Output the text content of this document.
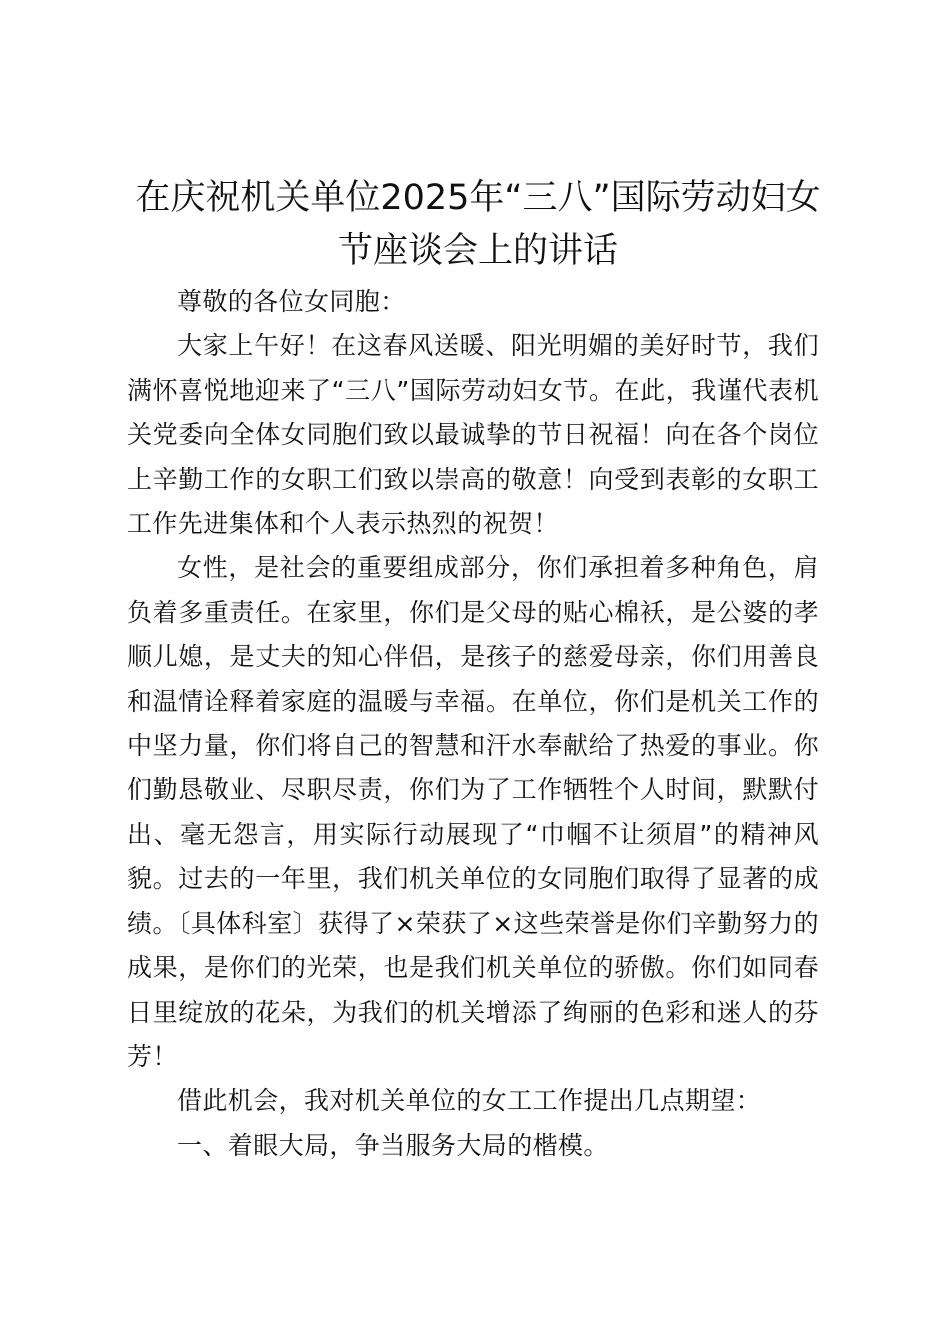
在庆祝机关单位2025年“三八”国际劳动妇女节座谈会上的讲话

尊敬的各位女同胞：

大家上午好！在这春风送暖、阳光明媚的美好时节，我们满怀喜悦地迎来了“三八”国际劳动妇女节。在此，我谨代表机关党委向全体女同胞们致以最诚挚的节日祝福！向在各个岗位上辛勤工作的女职工们致以崇高的敬意！向受到表彰的女职工工作先进集体和个人表示热烈的祝贺！

女性，是社会的重要组成部分，你们承担着多种角色，肩负着多重责任。在家里，你们是父母的贴心棉袄，是公婆的孝顺儿媳，是丈夫的知心伴侣，是孩子的慈爱母亲，你们用善良和温情诠释着家庭的温暖与幸福。在单位，你们是机关工作的中坚力量，你们将自己的智慧和汗水奉献给了热爱的事业。你们勤恳敬业、尽职尽责，你们为了工作牺牲个人时间，默默付出、毫无怨言，用实际行动展现了“巾帼不让须眉”的精神风貌。过去的一年里，我们机关单位的女同胞们取得了显著的成绩。〔具体科室〕获得了×荣获了×这些荣誉是你们辛勤努力的成果，是你们的光荣，也是我们机关单位的骄傲。你们如同春日里绽放的花朵，为我们的机关增添了绚丽的色彩和迷人的芬芳！

借此机会，我对机关单位的女工工作提出几点期望：

一、着眼大局，争当服务大局的楷模。
